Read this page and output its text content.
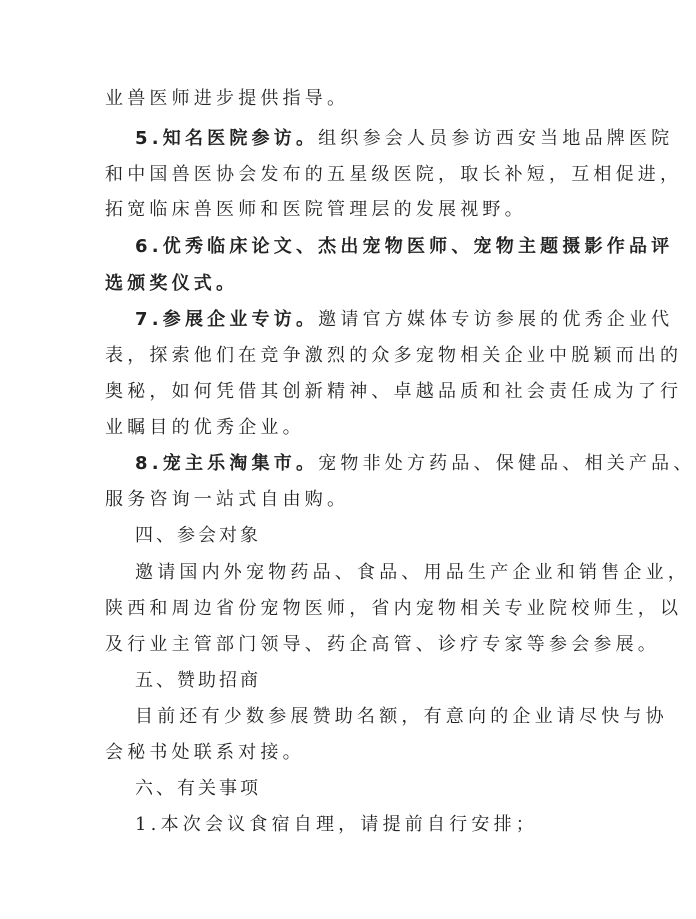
业兽医师进步提供指导。
5.知名医院参访。组织参会人员参访西安当地品牌医院
和中国兽医协会发布的五星级医院，取长补短，互相促进，
拓宽临床兽医师和医院管理层的发展视野。
6.优秀临床论文、杰出宠物医师、宠物主题摄影作品评
选颁奖仪式。
7.参展企业专访。邀请官方媒体专访参展的优秀企业代
表，探索他们在竞争激烈的众多宠物相关企业中脱颖而出的
奥秘，如何凭借其创新精神、卓越品质和社会责任成为了行
业瞩目的优秀企业。
8.宠主乐淘集市。宠物非处方药品、保健品、相关产品、
服务咨询一站式自由购。
四、参会对象
邀请国内外宠物药品、食品、用品生产企业和销售企业，
陕西和周边省份宠物医师，省内宠物相关专业院校师生，以
及行业主管部门领导、药企高管、诊疗专家等参会参展。
五、赞助招商
目前还有少数参展赞助名额，有意向的企业请尽快与协
会秘书处联系对接。
六、有关事项
1.本次会议食宿自理，请提前自行安排；
